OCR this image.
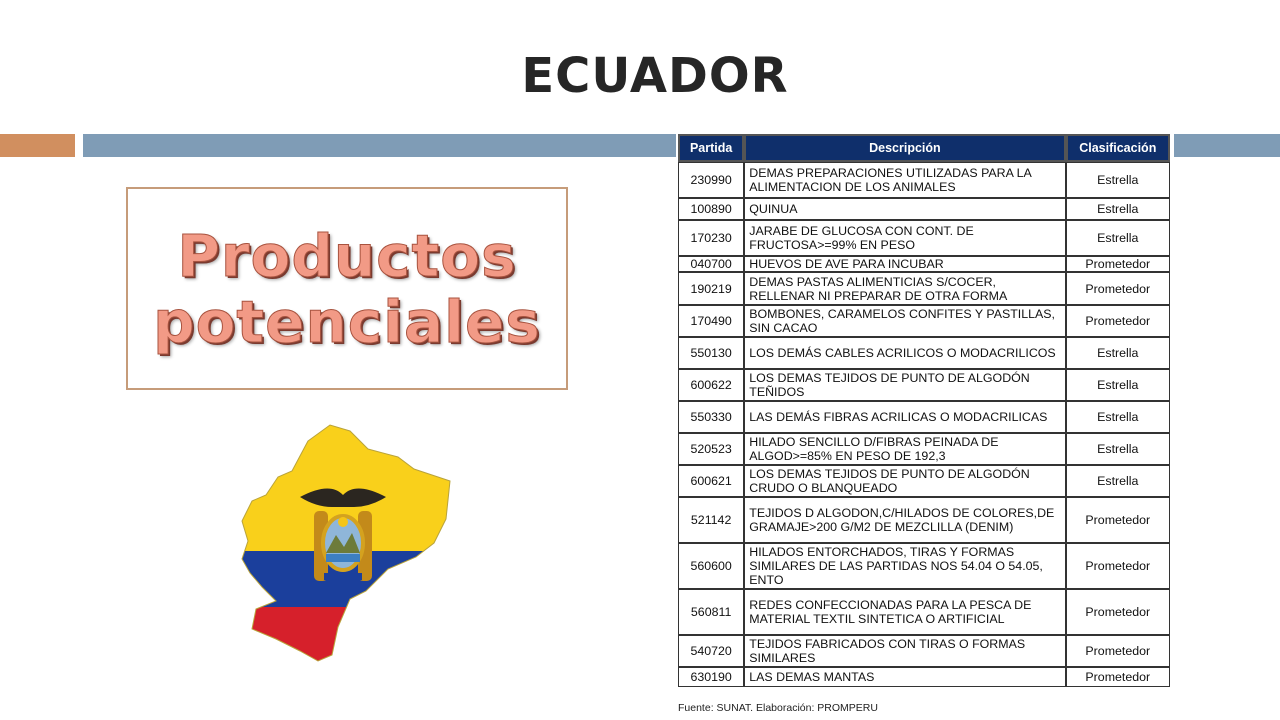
ECUADOR
Productos
potenciales
Partida	Descripción	Clasificación
230990	DEMAS PREPARACIONES UTILIZADAS PARA LA ALIMENTACION DE LOS ANIMALES	Estrella
100890	QUINUA	Estrella
170230	JARABE DE GLUCOSA CON CONT. DE FRUCTOSA>=99% EN PESO	Estrella
040700	HUEVOS DE AVE PARA INCUBAR	Prometedor
190219	DEMAS PASTAS ALIMENTICIAS S/COCER, RELLENAR NI PREPARAR DE OTRA FORMA	Prometedor
170490	BOMBONES, CARAMELOS CONFITES Y PASTILLAS, SIN CACAO	Prometedor
550130	LOS DEMÁS CABLES ACRILICOS O MODACRILICOS	Estrella
600622	LOS DEMAS TEJIDOS DE PUNTO DE ALGODÓN TEÑIDOS	Estrella
550330	LAS DEMÁS FIBRAS ACRILICAS O MODACRILICAS	Estrella
520523	HILADO SENCILLO D/FIBRAS PEINADA DE ALGOD>=85% EN PESO DE 192,3	Estrella
600621	LOS DEMAS TEJIDOS DE PUNTO DE ALGODÓN CRUDO O BLANQUEADO	Estrella
521142	TEJIDOS D ALGODON,C/HILADOS DE COLORES,DE GRAMAJE>200 G/M2 DE MEZCLILLA (DENIM)	Prometedor
560600	HILADOS ENTORCHADOS, TIRAS Y FORMAS SIMILARES DE LAS PARTIDAS NOS 54.04 O 54.05, ENTO	Prometedor
560811	REDES CONFECCIONADAS PARA LA PESCA DE MATERIAL TEXTIL SINTETICA O ARTIFICIAL	Prometedor
540720	TEJIDOS FABRICADOS CON TIRAS O FORMAS SIMILARES	Prometedor
630190	LAS DEMAS MANTAS	Prometedor
Fuente: SUNAT. Elaboración: PROMPERU
